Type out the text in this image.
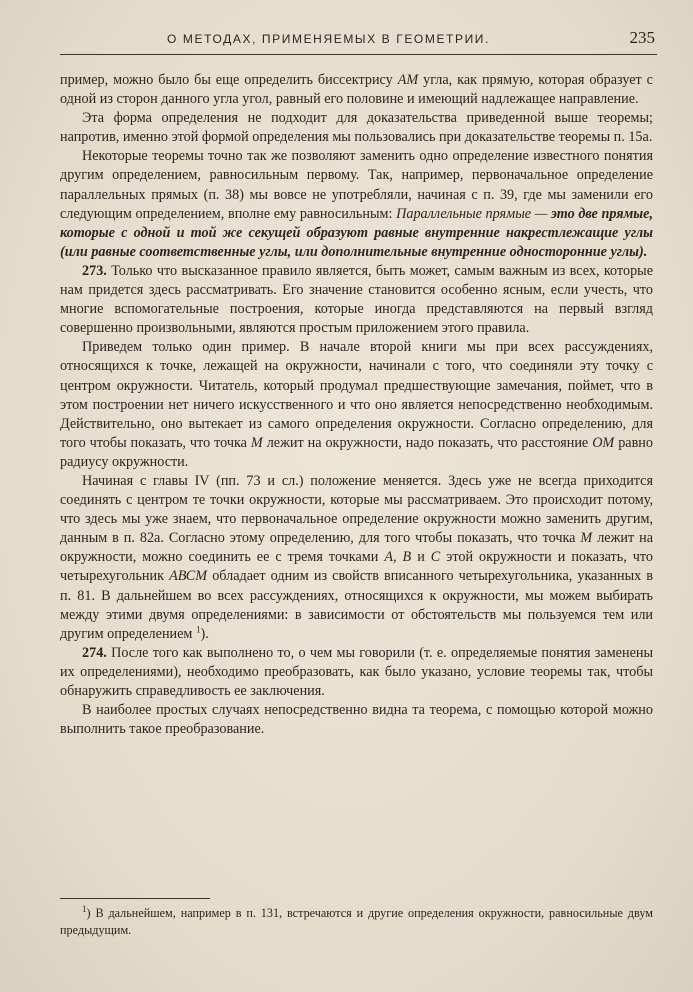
О МЕТОДАХ, ПРИМЕНЯЕМЫХ В ГЕОМЕТРИИ.	235

пример, можно было бы еще определить биссектрису АМ угла, как прямую, которая образует с одной из сторон данного угла угол, равный его половине и имеющий надлежащее направление.

Эта форма определения не подходит для доказательства приведенной выше теоремы; напротив, именно этой формой определения мы пользовались при доказательстве теоремы п. 15а.

Некоторые теоремы точно так же позволяют заменить одно определение известного понятия другим определением, равносильным первому. Так, например, первоначальное определение параллельных прямых (п. 38) мы вовсе не употребляли, начиная с п. 39, где мы заменили его следующим определением, вполне ему равносильным: Параллельные прямые — это две прямые, которые с одной и той же секущей образуют равные внутренние накрестлежащие углы (или равные соответственные углы, или дополнительные внутренние односторонние углы).

273. Только что высказанное правило является, быть может, самым важным из всех, которые нам придется здесь рассматривать. Его значение становится особенно ясным, если учесть, что многие вспомогательные построения, которые иногда представляются на первый взгляд совершенно произвольными, являются простым приложением этого правила.

Приведем только один пример. В начале второй книги мы при всех рассуждениях, относящихся к точке, лежащей на окружности, начинали с того, что соединяли эту точку с центром окружности. Читатель, который продумал предшествующие замечания, поймет, что в этом построении нет ничего искусственного и что оно является непосредственно необходимым. Действительно, оно вытекает из самого определения окружности. Согласно определению, для того чтобы показать, что точка М лежит на окружности, надо показать, что расстояние ОМ равно радиусу окружности.

Начиная с главы IV (пп. 73 и сл.) положение меняется. Здесь уже не всегда приходится соединять с центром те точки окружности, которые мы рассматриваем. Это происходит потому, что здесь мы уже знаем, что первоначальное определение окружности можно заменить другим, данным в п. 82а. Согласно этому определению, для того чтобы показать, что точка М лежит на окружности, можно соединить ее с тремя точками А, В и С этой окружности и показать, что четырехугольник АВСМ обладает одним из свойств вписанного четырехугольника, указанных в п. 81. В дальнейшем во всех рассуждениях, относящихся к окружности, мы можем выбирать между этими двумя определениями: в зависимости от обстоятельств мы пользуемся тем или другим определением $^1$).

274. После того как выполнено то, о чем мы говорили (т. е. определяемые понятия заменены их определениями), необходимо преобразовать, как было указано, условие теоремы так, чтобы обнаружить справедливость ее заключения.

В наиболее простых случаях непосредственно видна та теорема, с помощью которой можно выполнить такое преобразование.

$^1$) В дальнейшем, например в п. 131, встречаются и другие определения окружности, равносильные двум предыдущим.
